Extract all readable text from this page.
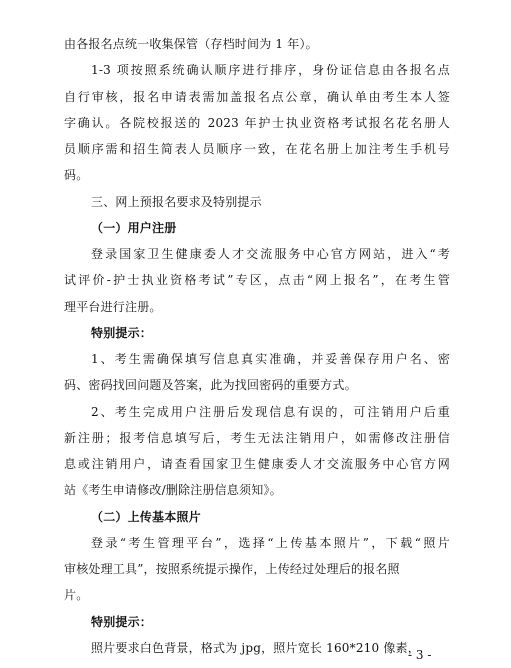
由各报名点统一收集保管（存档时间为 1 年）。
1-3 项按照系统确认顺序进行排序，身份证信息由各报名点
自行审核，报名申请表需加盖报名点公章，确认单由考生本人签
字确认。各院校报送的 2023 年护士执业资格考试报名花名册人
员顺序需和招生简表人员顺序一致，在花名册上加注考生手机号
码。
三、网上预报名要求及特别提示
（一）用户注册
登录国家卫生健康委人才交流服务中心官方网站，进入“考
试评价-护士执业资格考试”专区，点击“网上报名”，在考生管
理平台进行注册。
特别提示：
1、考生需确保填写信息真实准确，并妥善保存用户名、密
码、密码找回问题及答案，此为找回密码的重要方式。
2、考生完成用户注册后发现信息有误的，可注销用户后重
新注册；报考信息填写后，考生无法注销用户，如需修改注册信
息或注销用户，请查看国家卫生健康委人才交流服务中心官方网
站《考生申请修改/删除注册信息须知》。
（二）上传基本照片
登录“考生管理平台”，选择“上传基本照片”，下载“照片
审核处理工具”，按照系统提示操作，上传经过处理后的报名照
片。
特别提示：
照片要求白色背景，格式为 jpg，照片宽长 160*210 像素，
- 3 -
